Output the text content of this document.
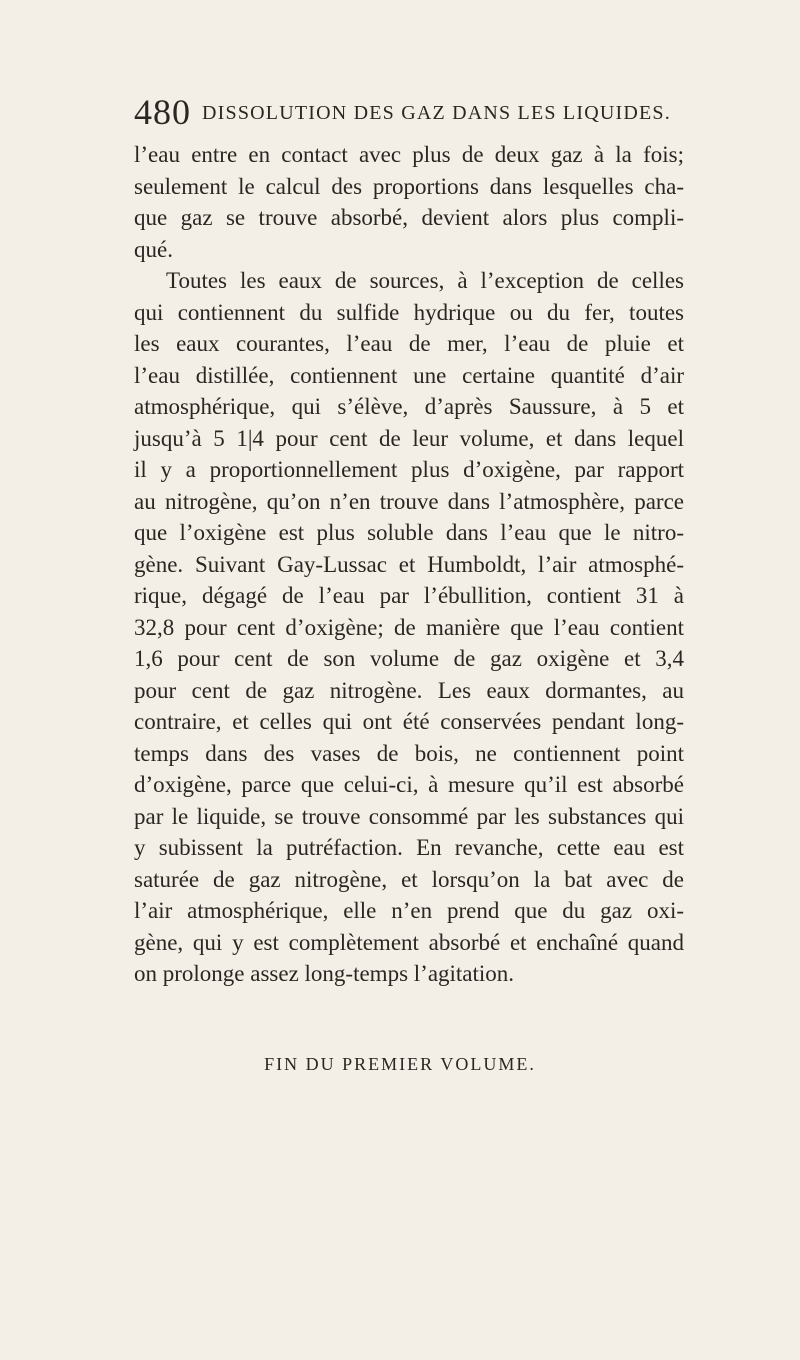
480 DISSOLUTION DES GAZ DANS LES LIQUIDES.
l’eau entre en contact avec plus de deux gaz à la fois;
seulement le calcul des proportions dans lesquelles cha-
que gaz se trouve absorbé, devient alors plus compli-
qué.
Toutes les eaux de sources, à l’exception de celles
qui contiennent du sulfide hydrique ou du fer, toutes
les eaux courantes, l’eau de mer, l’eau de pluie et
l’eau distillée, contiennent une certaine quantité d’air
atmosphérique, qui s’élève, d’après Saussure, à 5 et
jusqu’à 5 1|4 pour cent de leur volume, et dans lequel
il y a proportionnellement plus d’oxigène, par rapport
au nitrogène, qu’on n’en trouve dans l’atmosphère, parce
que l’oxigène est plus soluble dans l’eau que le nitro-
gène. Suivant Gay-Lussac et Humboldt, l’air atmosphé-
rique, dégagé de l’eau par l’ébullition, contient 31 à
32,8 pour cent d’oxigène; de manière que l’eau contient
1,6 pour cent de son volume de gaz oxigène et 3,4
pour cent de gaz nitrogène. Les eaux dormantes, au
contraire, et celles qui ont été conservées pendant long-
temps dans des vases de bois, ne contiennent point
d’oxigène, parce que celui-ci, à mesure qu’il est absorbé
par le liquide, se trouve consommé par les substances qui
y subissent la putréfaction. En revanche, cette eau est
saturée de gaz nitrogène, et lorsqu’on la bat avec de
l’air atmosphérique, elle n’en prend que du gaz oxi-
gène, qui y est complètement absorbé et enchaîné quand
on prolonge assez long-temps l’agitation.
FIN DU PREMIER VOLUME.
